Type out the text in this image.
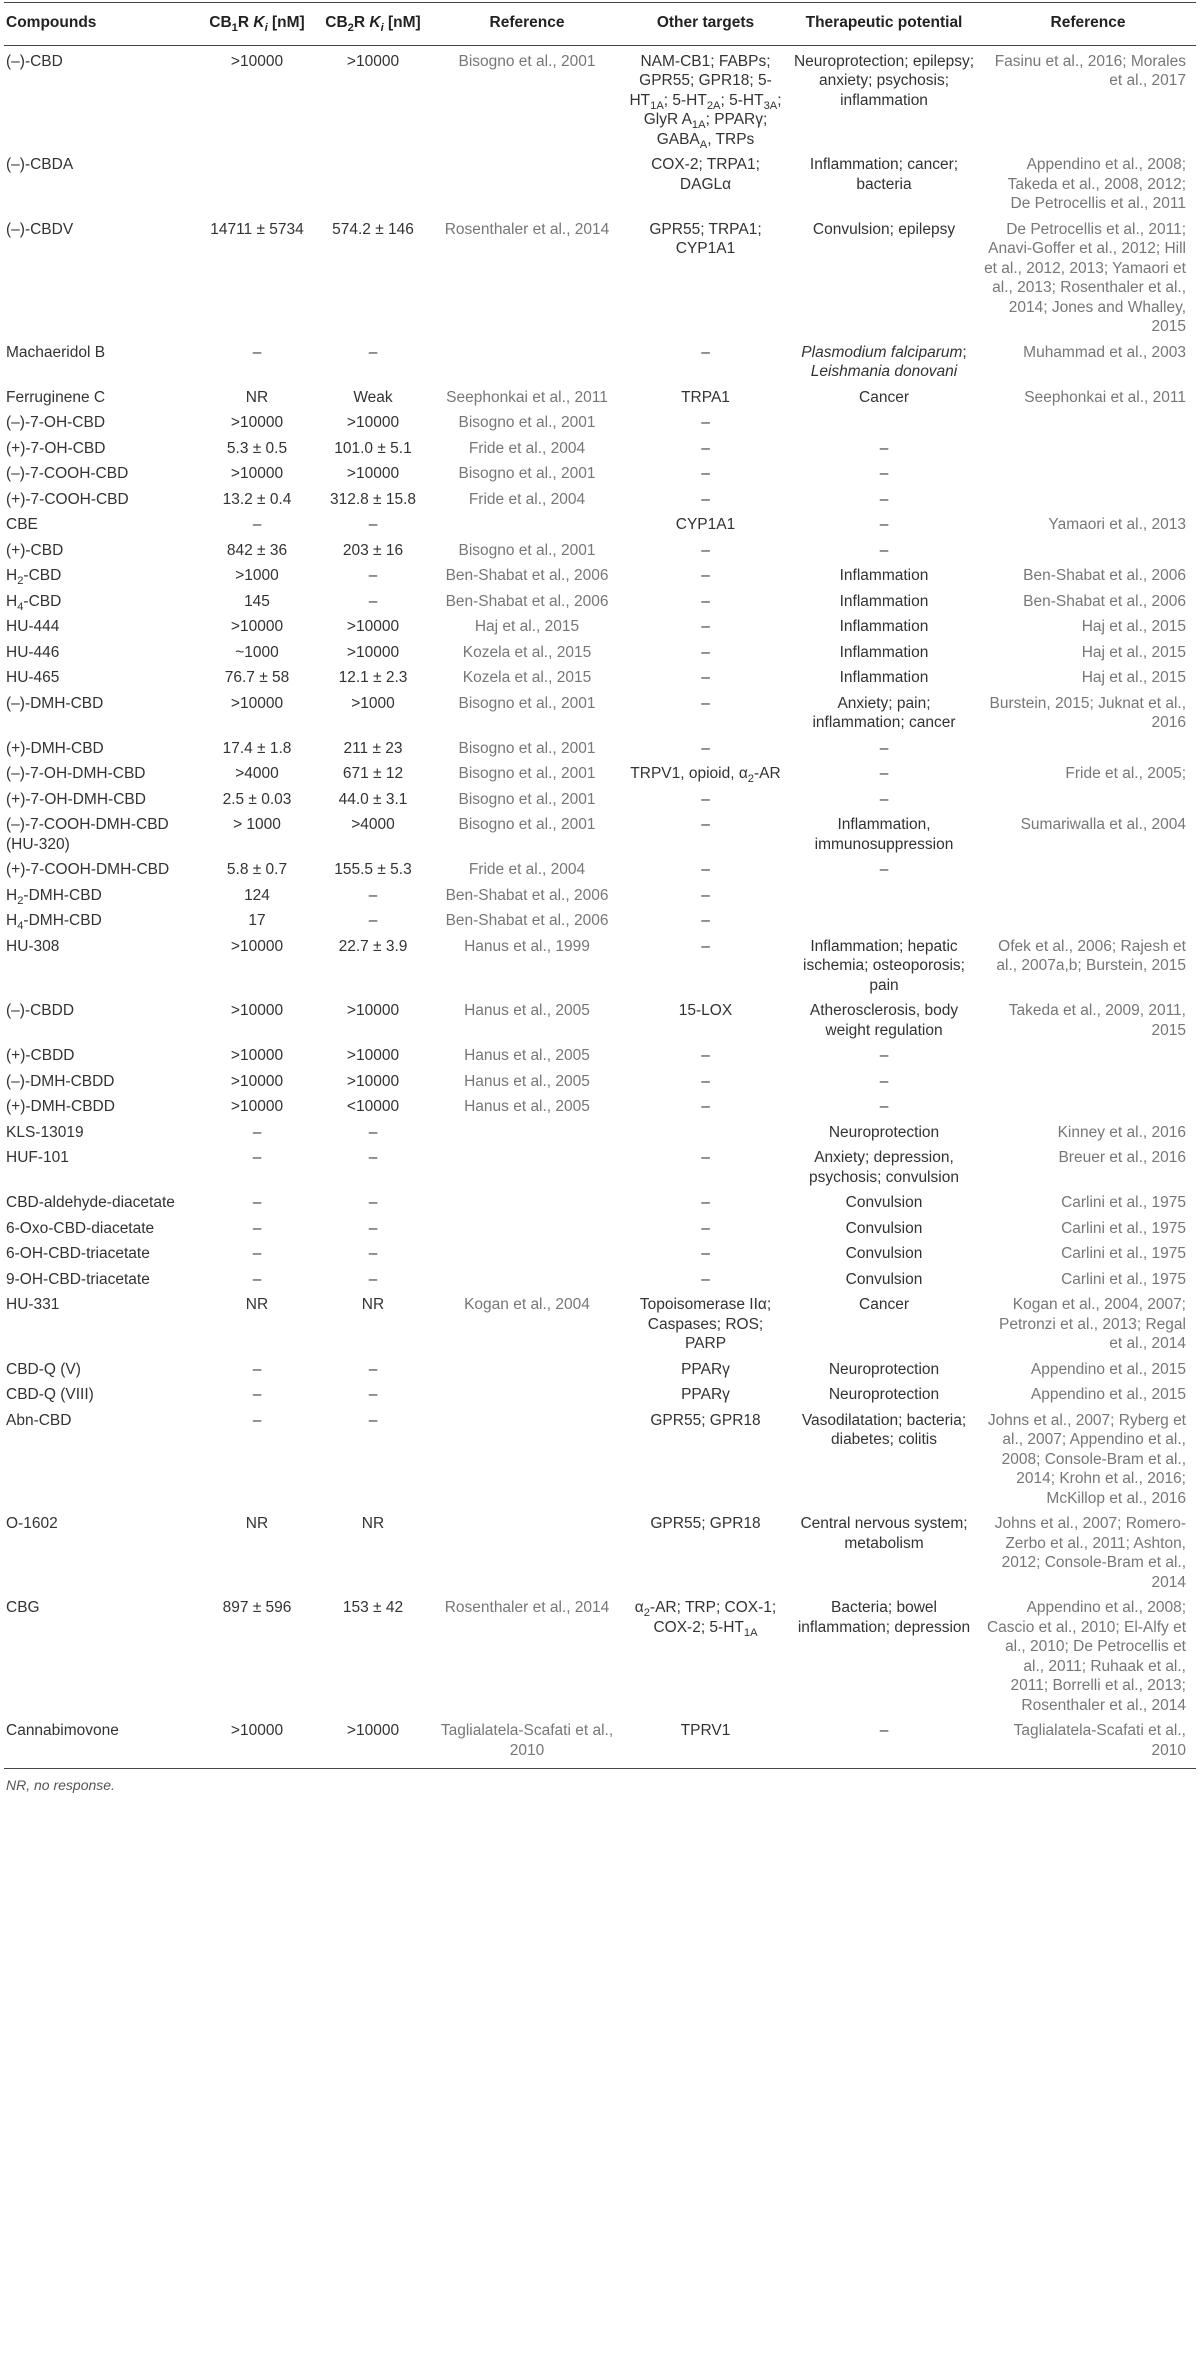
Compounds	$CB_1R$ $K_i$ [nM]	$CB_2R$ $K_i$ [nM]	Reference	Other targets	Therapeutic potential	Reference
(–)-CBD	>10000	>10000	Bisogno et al., 2001	NAM-CB1; FABPs; GPR55; GPR18; $5-HT_{1A}$; $5-HT_{2A}$; $5-HT_{3A}$; GlyR $A_{1A}$; PPARγ; $GABA_A$, TRPs	Neuroprotection; epilepsy; anxiety; psychosis; inflammation	Fasinu et al., 2016; Morales et al., 2017
(–)-CBDA				COX-2; TRPA1; DAGLα	Inflammation; cancer; bacteria	Appendino et al., 2008; Takeda et al., 2008, 2012; De Petrocellis et al., 2011
(–)-CBDV	14711 ± 5734	574.2 ± 146	Rosenthaler et al., 2014	GPR55; TRPA1; CYP1A1	Convulsion; epilepsy	De Petrocellis et al., 2011; Anavi-Goffer et al., 2012; Hill et al., 2012, 2013; Yamaori et al., 2013; Rosenthaler et al., 2014; Jones and Whalley, 2015
Machaeridol B	–	–		–	Plasmodium falciparum; Leishmania donovani	Muhammad et al., 2003
Ferruginene C	NR	Weak	Seephonkai et al., 2011	TRPA1	Cancer	Seephonkai et al., 2011
(–)-7-OH-CBD	>10000	>10000	Bisogno et al., 2001	–		
(+)-7-OH-CBD	5.3 ± 0.5	101.0 ± 5.1	Fride et al., 2004	–	–	
(–)-7-COOH-CBD	>10000	>10000	Bisogno et al., 2001	–	–	
(+)-7-COOH-CBD	13.2 ± 0.4	312.8 ± 15.8	Fride et al., 2004	–	–	
CBE	–	–		CYP1A1	–	Yamaori et al., 2013
(+)-CBD	842 ± 36	203 ± 16	Bisogno et al., 2001	–	–	
$H_2$-CBD	>1000	–	Ben-Shabat et al., 2006	–	Inflammation	Ben-Shabat et al., 2006
$H_4$-CBD	145	–	Ben-Shabat et al., 2006	–	Inflammation	Ben-Shabat et al., 2006
HU-444	>10000	>10000	Haj et al., 2015	–	Inflammation	Haj et al., 2015
HU-446	~1000	>10000	Kozela et al., 2015	–	Inflammation	Haj et al., 2015
HU-465	76.7 ± 58	12.1 ± 2.3	Kozela et al., 2015	–	Inflammation	Haj et al., 2015
(–)-DMH-CBD	>10000	>1000	Bisogno et al., 2001	–	Anxiety; pain; inflammation; cancer	Burstein, 2015; Juknat et al., 2016
(+)-DMH-CBD	17.4 ± 1.8	211 ± 23	Bisogno et al., 2001	–	–	
(–)-7-OH-DMH-CBD	>4000	671 ± 12	Bisogno et al., 2001	TRPV1, opioid, $\alpha_2-AR$	–	Fride et al., 2005;
(+)-7-OH-DMH-CBD	2.5 ± 0.03	44.0 ± 3.1	Bisogno et al., 2001	–	–	
(–)-7-COOH-DMH-CBD (HU-320)	> 1000	>4000	Bisogno et al., 2001	–	Inflammation, immunosuppression	Sumariwalla et al., 2004
(+)-7-COOH-DMH-CBD	5.8 ± 0.7	155.5 ± 5.3	Fride et al., 2004	–	–	
$H_2-DMH$-CBD	124	–	Ben-Shabat et al., 2006	–		
$H_4-DMH$-CBD	17	–	Ben-Shabat et al., 2006	–		
HU-308	>10000	22.7 ± 3.9	Hanus et al., 1999	–	Inflammation; hepatic ischemia; osteoporosis; pain	Ofek et al., 2006; Rajesh et al., 2007a,b; Burstein, 2015
(–)-CBDD	>10000	>10000	Hanus et al., 2005	15-LOX	Atherosclerosis, body weight regulation	Takeda et al., 2009, 2011, 2015
(+)-CBDD	>10000	>10000	Hanus et al., 2005	–	–	
(–)-DMH-CBDD	>10000	>10000	Hanus et al., 2005	–	–	
(+)-DMH-CBDD	>10000	<10000	Hanus et al., 2005	–	–	
KLS-13019	–	–			Neuroprotection	Kinney et al., 2016
HUF-101	–	–		–	Anxiety; depression, psychosis; convulsion	Breuer et al., 2016
CBD-aldehyde-diacetate	–	–		–	Convulsion	Carlini et al., 1975
6-Oxo-CBD-diacetate	–	–		–	Convulsion	Carlini et al., 1975
6-OH-CBD-triacetate	–	–		–	Convulsion	Carlini et al., 1975
9-OH-CBD-triacetate	–	–		–	Convulsion	Carlini et al., 1975
HU-331	NR	NR	Kogan et al., 2004	Topoisomerase IIα; Caspases; ROS; PARP	Cancer	Kogan et al., 2004, 2007; Petronzi et al., 2013; Regal et al., 2014
CBD-Q (V)	–	–		PPARγ	Neuroprotection	Appendino et al., 2015
CBD-Q (VIII)	–	–		PPARγ	Neuroprotection	Appendino et al., 2015
Abn-CBD	–	–		GPR55; GPR18	Vasodilatation; bacteria; diabetes; colitis	Johns et al., 2007; Ryberg et al., 2007; Appendino et al., 2008; Console-Bram et al., 2014; Krohn et al., 2016; McKillop et al., 2016
O-1602	NR	NR		GPR55; GPR18	Central nervous system; metabolism	Johns et al., 2007; Romero-Zerbo et al., 2011; Ashton, 2012; Console-Bram et al., 2014
CBG	897 ± 596	153 ± 42	Rosenthaler et al., 2014	$\alpha_2-AR$; TRP; COX-1; COX-2; $5-HT_{1A}$	Bacteria; bowel inflammation; depression	Appendino et al., 2008; Cascio et al., 2010; El-Alfy et al., 2010; De Petrocellis et al., 2011; Ruhaak et al., 2011; Borrelli et al., 2013; Rosenthaler et al., 2014
Cannabimovone	>10000	>10000	Taglialatela-Scafati et al., 2010	TPRV1	–	Taglialatela-Scafati et al., 2010
NR, no response.
